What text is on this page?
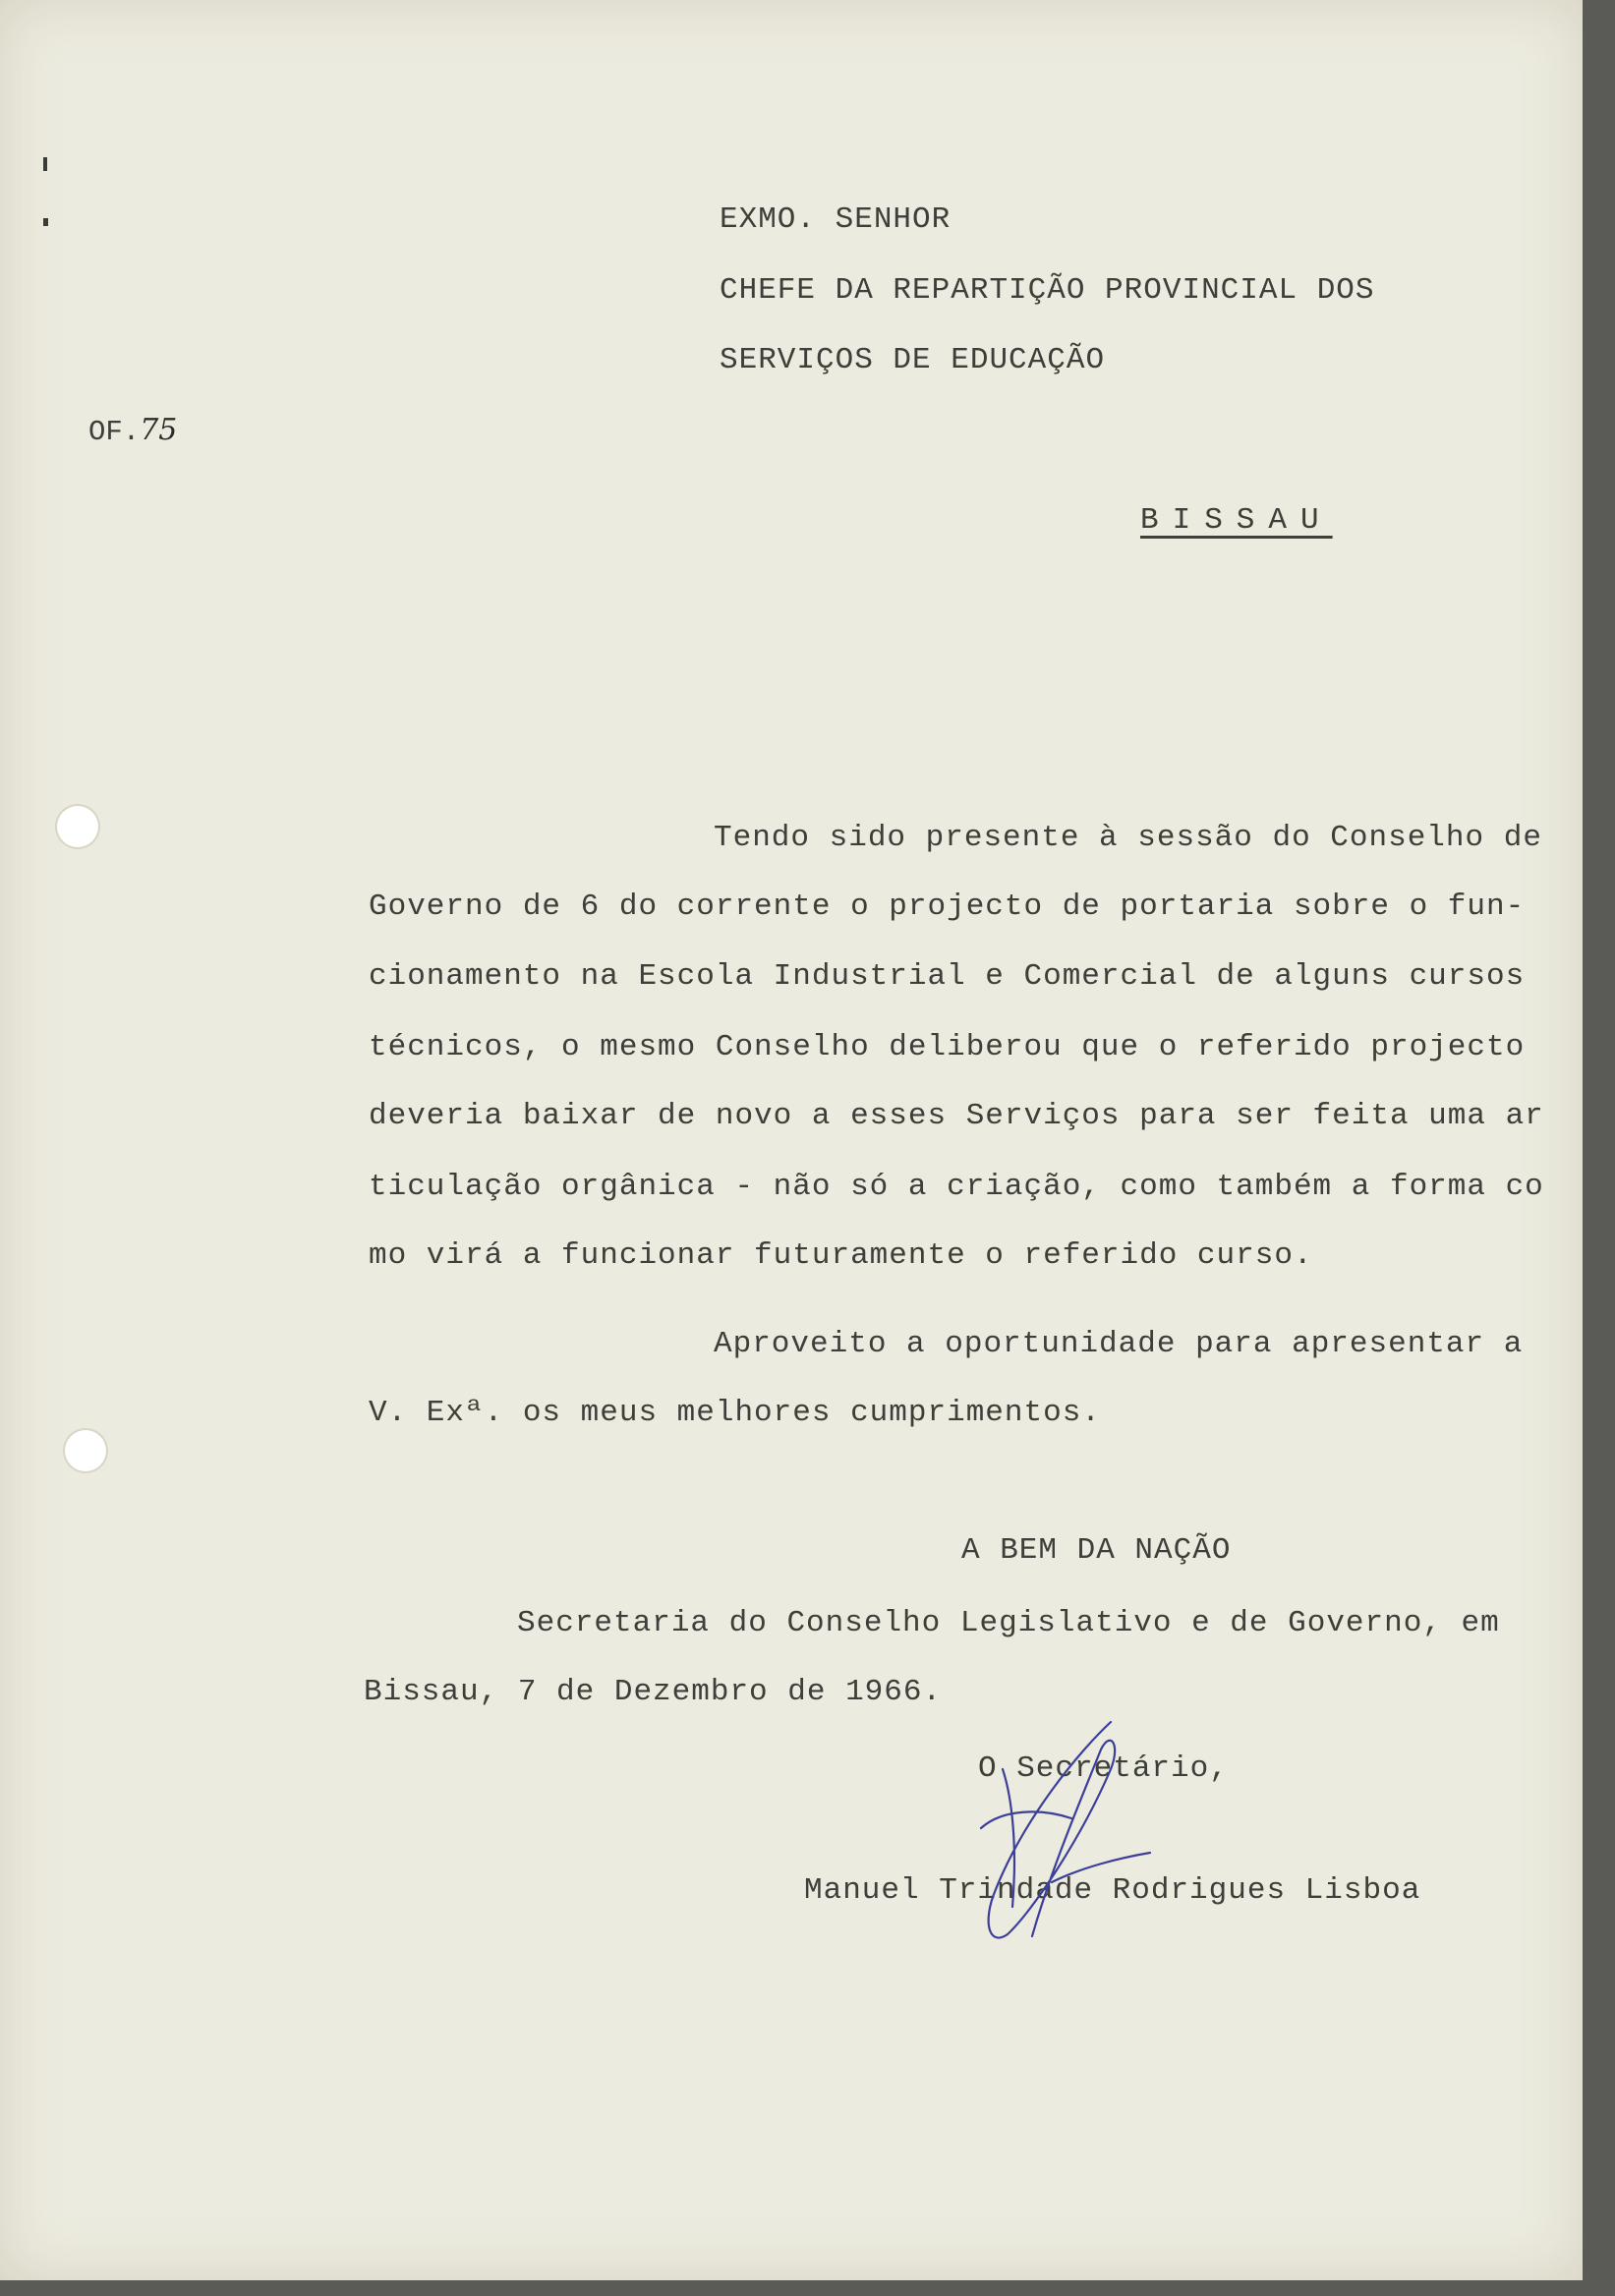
EXMO. SENHOR
CHEFE DA REPARTIÇÃO PROVINCIAL DOS
SERVIÇOS DE EDUCAÇÃO
BISSAU
OF.75
Tendo sido presente à sessão do Conselho de
Governo de 6 do corrente o projecto de portaria sobre o fun-
cionamento na Escola Industrial e Comercial de alguns cursos
técnicos, o mesmo Conselho deliberou que o referido projecto
deveria baixar de novo a esses Serviços para ser feita uma ar
ticulação orgânica - não só a criação, como também a forma co
mo virá a funcionar futuramente o referido curso.
Aproveito a oportunidade para apresentar a
V. Exª. os meus melhores cumprimentos.
A BEM DA NAÇÃO
Secretaria do Conselho Legislativo e de Governo, em
Bissau, 7 de Dezembro de 1966.
O Secretário,
Manuel Trindade Rodrigues Lisboa
